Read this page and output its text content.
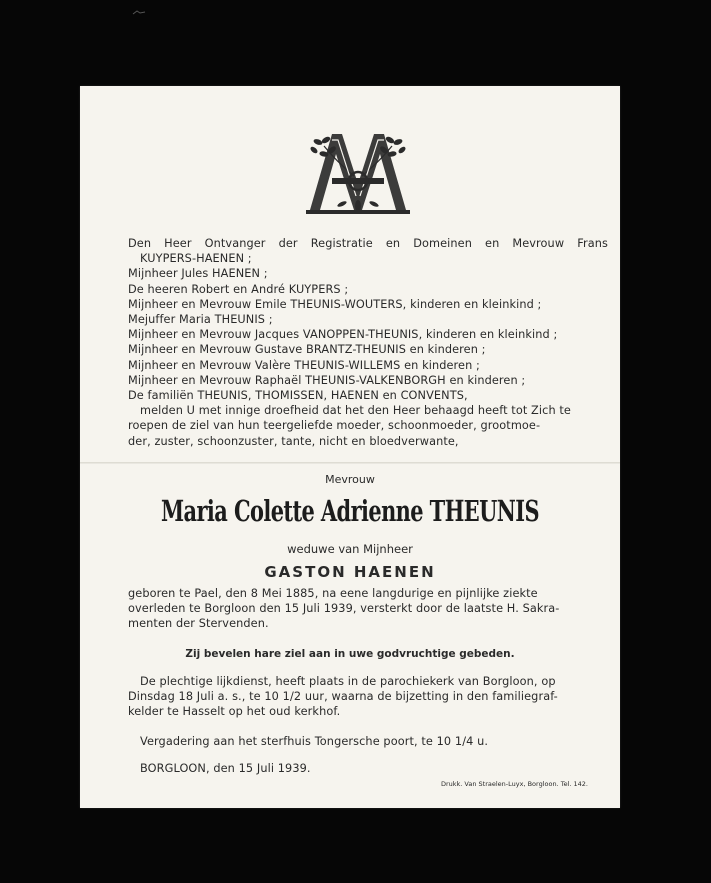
Den Heer Ontvanger der Registratie en Domeinen en Mevrouw Frans
KUYPERS-HAENEN ;
Mijnheer Jules HAENEN ;
De heeren Robert en André KUYPERS ;
Mijnheer en Mevrouw Emile THEUNIS-WOUTERS, kinderen en kleinkind ;
Mejuffer Maria THEUNIS ;
Mijnheer en Mevrouw Jacques VANOPPEN-THEUNIS, kinderen en kleinkind ;
Mijnheer en Mevrouw Gustave BRANTZ-THEUNIS en kinderen ;
Mijnheer en Mevrouw Valère THEUNIS-WILLEMS en kinderen ;
Mijnheer en Mevrouw Raphaël THEUNIS-VALKENBORGH en kinderen ;
De familiën THEUNIS, THOMISSEN, HAENEN en CONVENTS,
melden U met innige droefheid dat het den Heer behaagd heeft tot Zich te
roepen de ziel van hun teergeliefde moeder, schoonmoeder, grootmoe-
der, zuster, schoonzuster, tante, nicht en bloedverwante,
Mevrouw
Maria Colette Adrienne THEUNIS
weduwe van Mijnheer
GASTON HAENEN
geboren te Pael, den 8 Mei 1885, na eene langdurige en pijnlijke ziekte
overleden te Borgloon den 15 Juli 1939, versterkt door de laatste H. Sakra-
menten der Stervenden.
Zij bevelen hare ziel aan in uwe godvruchtige gebeden.
De plechtige lijkdienst, heeft plaats in de parochiekerk van Borgloon, op
Dinsdag 18 Juli a. s., te 10 1/2 uur, waarna de bijzetting in den familiegraf-
kelder te Hasselt op het oud kerkhof.
Vergadering aan het sterfhuis Tongersche poort, te 10 1/4 u.
BORGLOON, den 15 Juli 1939.
Drukk. Van Straelen-Luyx, Borgloon. Tel. 142.
